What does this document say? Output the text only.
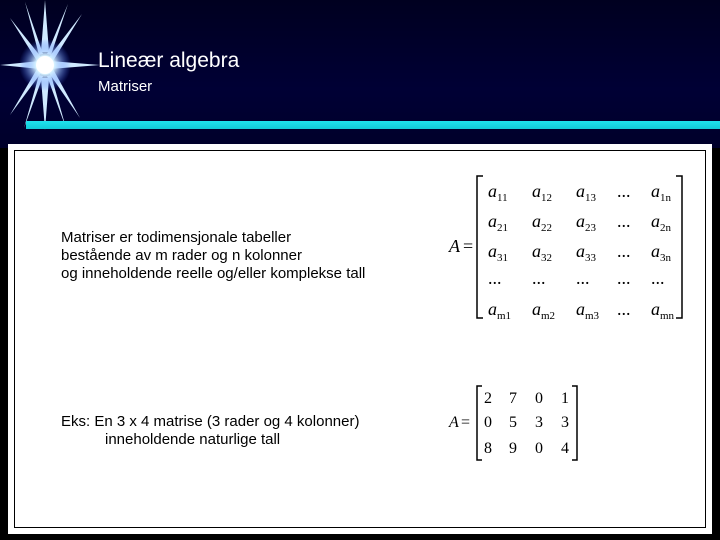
Lineær algebra
Matriser
Matriser er todimensjonale tabeller
bestående av m rader og n kolonner
og inneholdende reelle og/eller komplekse tall
Eks: En 3 x 4 matrise (3 rader og 4 kolonner)
inneholdende naturlige tall
A =
$a_{11}$ $a_{12}$ $a_{13}$ ... $a_{1n}$
$a_{21}$ $a_{22}$ $a_{23}$ ... $a_{2n}$
$a_{31}$ $a_{32}$ $a_{33}$ ... $a_{3n}$
... ... ... ... ...
$a_{m1}$ $a_{m2}$ $a_{m3}$ ... $a_{mn}$
A =
2 7 0 1
0 5 3 3
8 9 0 4
